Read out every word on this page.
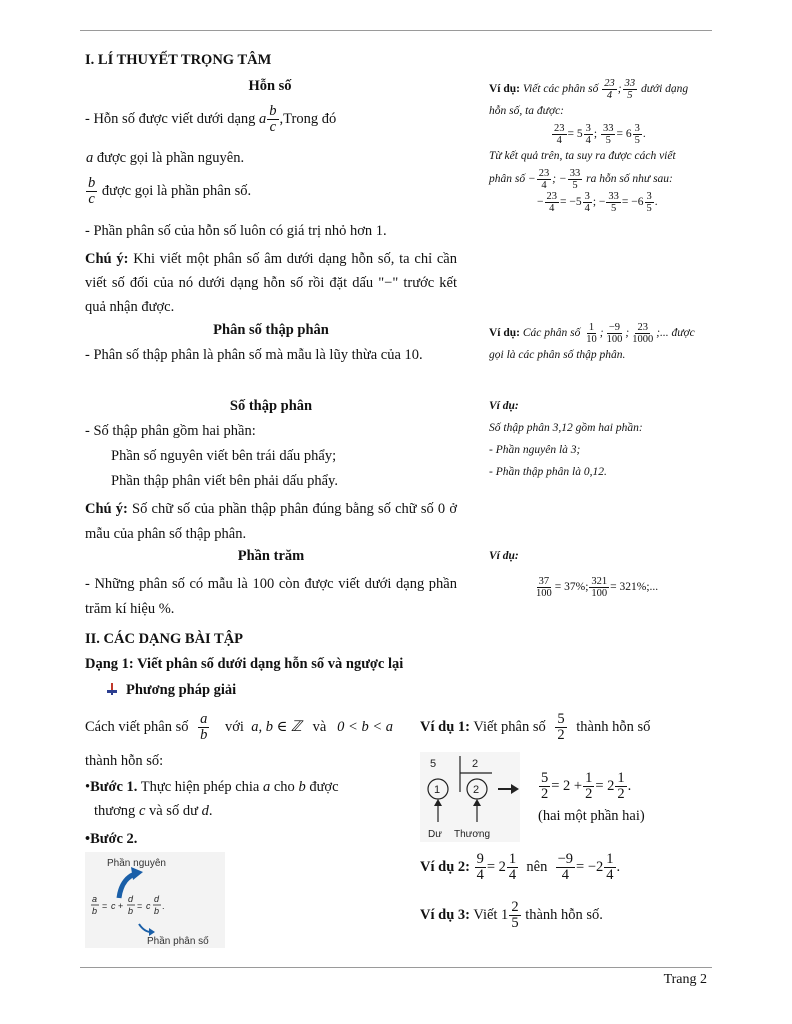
I. LÍ THUYẾT TRỌNG TÂM
Hỗn số
- Hỗn số được viết dưới dạng a $\frac{b}{c}$ ,Trong đó
a được gọi là phần nguyên.
$\frac{b}{c}$ được gọi là phần phân số.
- Phần phân số của hỗn số luôn có giá trị nhỏ hơn 1.
Chú ý: Khi viết một phân số âm dưới dạng hỗn số, ta chỉ cần viết số đối của nó dưới dạng hỗn số rồi đặt dấu "−" trước kết quả nhận được.
Phân số thập phân
- Phân số thập phân là phân số mà mẫu là lũy thừa của 10.
Số thập phân
- Số thập phân gồm hai phần:
Phần số nguyên viết bên trái dấu phẩy;
Phần thập phân viết bên phải dấu phẩy.
Chú ý: Số chữ số của phần thập phân đúng bằng số chữ số 0 ở mẫu của phân số thập phân.
Phần trăm
- Những phân số có mẫu là 100 còn được viết dưới dạng phần trăm kí hiệu %.
Ví dụ: Viết các phân số $\frac{23}{4}$ ; $\frac{33}{5}$ dưới dạng
hỗn số, ta được:
$\frac{23}{4} = 5 \frac{3}{4}$ ; $\frac{33}{5} = 6 \frac{3}{5}$ .
Từ kết quả trên, ta suy ra được cách viết
phân số − $\frac{23}{4}$ ; − $\frac{33}{5}$ ra hỗn số như sau:
− $\frac{23}{4} = -5 \frac{3}{4}$ ; − $\frac{33}{5} = -6 \frac{3}{5}$ .
Ví dụ: Các phân số $\frac{1}{10}$ ; $\frac{-9}{100}$ ; $\frac{23}{1000}$ ;... được
gọi là các phân số thập phân.
Ví dụ:
Số thập phân 3,12 gồm hai phần:
- Phần nguyên là 3;
- Phần thập phân là 0,12.
Ví dụ:
$\frac{37}{100} = 37\%$; $\frac{321}{100} = 321\%$;...
II. CÁC DẠNG BÀI TẬP
Dạng 1: Viết phân số dưới dạng hỗn số và ngược lại
Phương pháp giải
Cách viết phân số $\frac{a}{b}$ với a, b ∈ ℤ và 0 < b < a
thành hỗn số:
•Bước 1. Thực hiện phép chia a cho b được
thương c và số dư d.
•Bước 2.
Phần nguyên
Phần phân số
a
b = c +
d
b = c
d
b .
Ví dụ 1: Viết phân số $\frac{5}{2}$ thành hỗn số
5	2
1	2
Dư Thương
$\frac{5}{2} = 2 + \frac{1}{2} = 2 \frac{1}{2}$ .
(hai một phần hai)
Ví dụ 2: $\frac{9}{4} = 2 \frac{1}{4}$ nên $\frac{-9}{4} = -2 \frac{1}{4}$ .
Ví dụ 3: Viết $1 \frac{2}{5}$ thành hỗn số.
Trang 2
